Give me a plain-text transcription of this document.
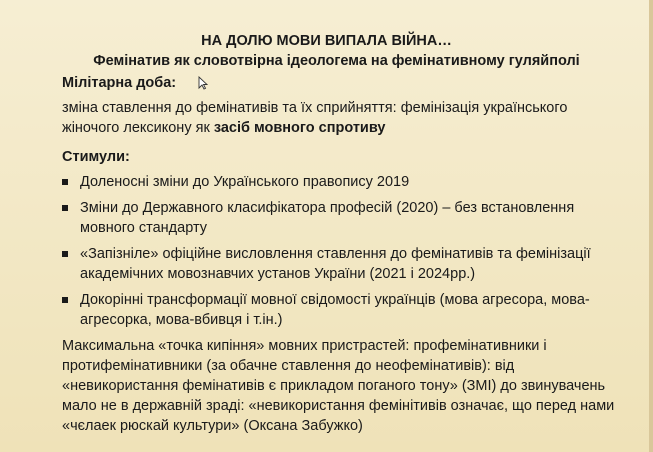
НА ДОЛЮ МОВИ ВИПАЛА ВІЙНА…
Фемінатив як словотвірна ідеологема на фемінативному гуляйполі
Мілітарна доба:
зміна ставлення до фемінативів та їх сприйняття: фемінізація українського жіночого лексикону як засіб мовного спротиву
Стимули:
Доленосні зміни до Українського правопису 2019
Зміни до Державного класифікатора професій (2020) – без встановлення мовного стандарту
«Запізніле» офіційне висловлення ставлення до фемінативів та фемінізації академічних мовознавчих установ України (2021 і 2024рр.)
Докорінні трансформації мовної свідомості українців (мова агресора, мова-агресорка, мова-вбивця і т.ін.)
Максимальна «точка кипіння» мовних пристрастей: профемінативники і протифемінативники (за обачне ставлення до неофемінативів): від «невикористання фемінативів є прикладом поганого тону» (ЗМІ) до звинувачень мало не в державній зраді: «невикористання фемінітивів означає, що перед нами «чєлаек рюскай культури» (Оксана Забужко)
